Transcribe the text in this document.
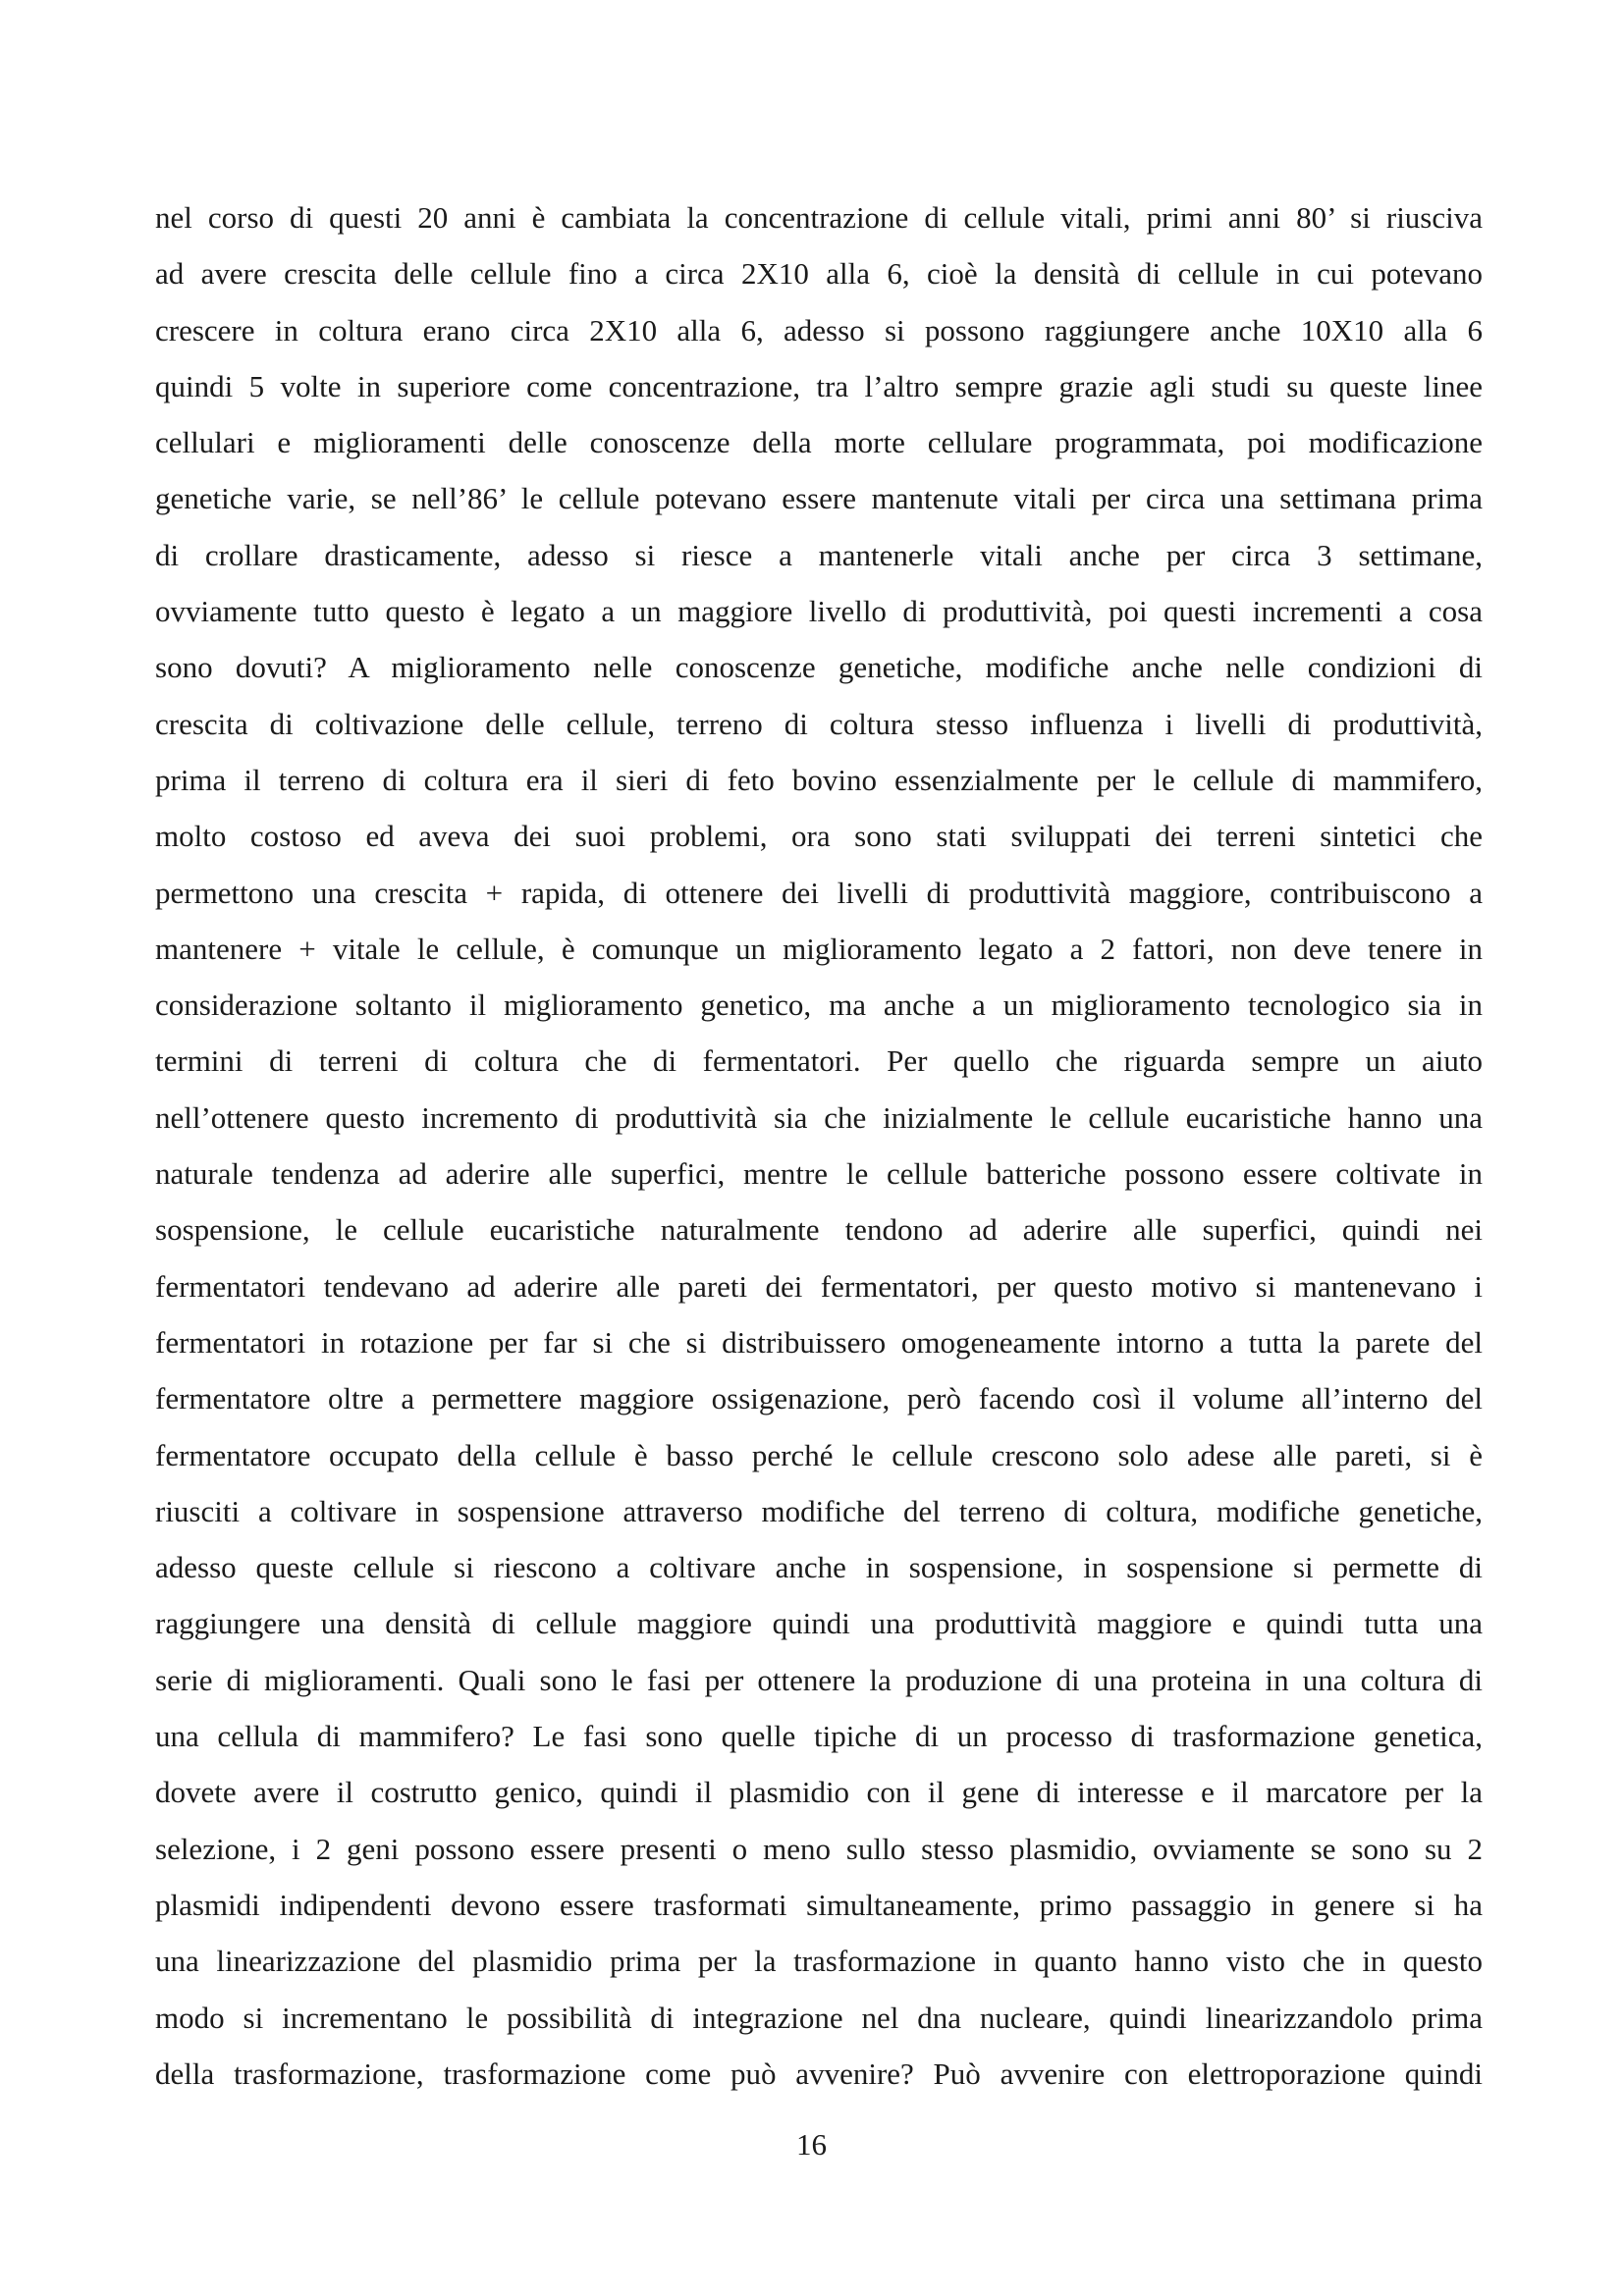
nel corso di questi 20 anni è cambiata la concentrazione di cellule vitali, primi anni 80’ si riusciva
ad avere crescita delle cellule fino a circa 2X10 alla 6, cioè la densità di cellule in cui potevano
crescere in coltura erano circa 2X10 alla 6, adesso si possono raggiungere anche 10X10 alla 6
quindi 5 volte in superiore come concentrazione, tra l’altro sempre grazie agli studi su queste linee
cellulari e miglioramenti delle conoscenze della morte cellulare programmata, poi modificazione
genetiche varie, se nell’86’ le cellule potevano essere mantenute vitali per circa una settimana prima
di crollare drasticamente, adesso si riesce a mantenerle vitali anche per circa 3 settimane,
ovviamente tutto questo è legato a un maggiore livello di produttività, poi questi incrementi a cosa
sono dovuti? A miglioramento nelle conoscenze genetiche, modifiche anche nelle condizioni di
crescita di coltivazione delle cellule, terreno di coltura stesso influenza i livelli di produttività,
prima il terreno di coltura era il sieri di feto bovino essenzialmente per le cellule di mammifero,
molto costoso ed aveva dei suoi problemi, ora sono stati sviluppati dei terreni sintetici che
permettono una crescita + rapida, di ottenere dei livelli di produttività maggiore, contribuiscono a
mantenere + vitale le cellule, è comunque un miglioramento legato a 2 fattori, non deve tenere in
considerazione soltanto il miglioramento genetico, ma anche a un miglioramento tecnologico sia in
termini di terreni di coltura che di fermentatori. Per quello che riguarda sempre un aiuto
nell’ottenere questo incremento di produttività sia che inizialmente le cellule eucaristiche hanno una
naturale tendenza ad aderire alle superfici, mentre le cellule batteriche possono essere coltivate in
sospensione, le cellule eucaristiche naturalmente tendono ad aderire alle superfici, quindi nei
fermentatori tendevano ad aderire alle pareti dei fermentatori, per questo motivo si mantenevano i
fermentatori in rotazione per far si che si distribuissero omogeneamente intorno a tutta la parete del
fermentatore oltre a permettere maggiore ossigenazione, però facendo così il volume all’interno del
fermentatore occupato della cellule è basso perché le cellule crescono solo adese alle pareti, si è
riusciti a coltivare in sospensione attraverso modifiche del terreno di coltura, modifiche genetiche,
adesso queste cellule si riescono a coltivare anche in sospensione, in sospensione si permette di
raggiungere una densità di cellule maggiore quindi una produttività maggiore e quindi tutta una
serie di miglioramenti. Quali sono le fasi per ottenere la produzione di una proteina in una coltura di
una cellula di mammifero? Le fasi sono quelle tipiche di un processo di trasformazione genetica,
dovete avere il costrutto genico, quindi il plasmidio con il gene di interesse e il marcatore per la
selezione, i 2 geni possono essere presenti o meno sullo stesso plasmidio, ovviamente se sono su 2
plasmidi indipendenti devono essere trasformati simultaneamente, primo passaggio in genere si ha
una linearizzazione del plasmidio prima per la trasformazione in quanto hanno visto che in questo
modo si incrementano le possibilità di integrazione nel dna nucleare, quindi linearizzandolo prima
della trasformazione, trasformazione come può avvenire? Può avvenire con elettroporazione quindi
16
